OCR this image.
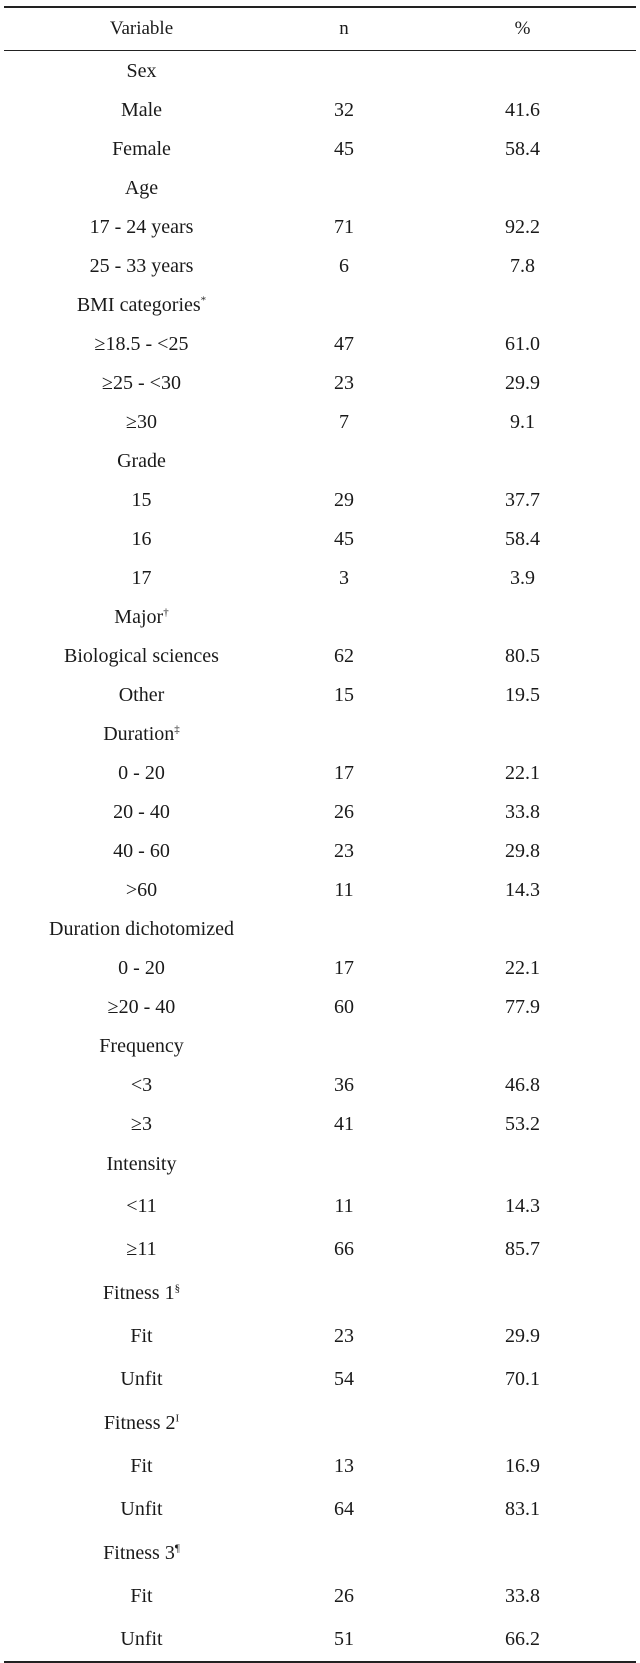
Variable	n	%
Sex
Male	32	41.6
Female	45	58.4
Age
17 - 24 years	71	92.2
25 - 33 years	6	7.8
BMI categories*
≥18.5 - <25	47	61.0
≥25 - <30	23	29.9
≥30	7	9.1
Grade
15	29	37.7
16	45	58.4
17	3	3.9
Major†
Biological sciences	62	80.5
Other	15	19.5
Duration‡
0 - 20	17	22.1
20 - 40	26	33.8
40 - 60	23	29.8
>60	11	14.3
Duration dichotomized
0 - 20	17	22.1
≥20 - 40	60	77.9
Frequency
<3	36	46.8
≥3	41	53.2
Intensity
<11	11	14.3
≥11	66	85.7
Fitness 1§
Fit	23	29.9
Unfit	54	70.1
Fitness $2^I$
Fit	13	16.9
Unfit	64	83.1
Fitness 3¶
Fit	26	33.8
Unfit	51	66.2
